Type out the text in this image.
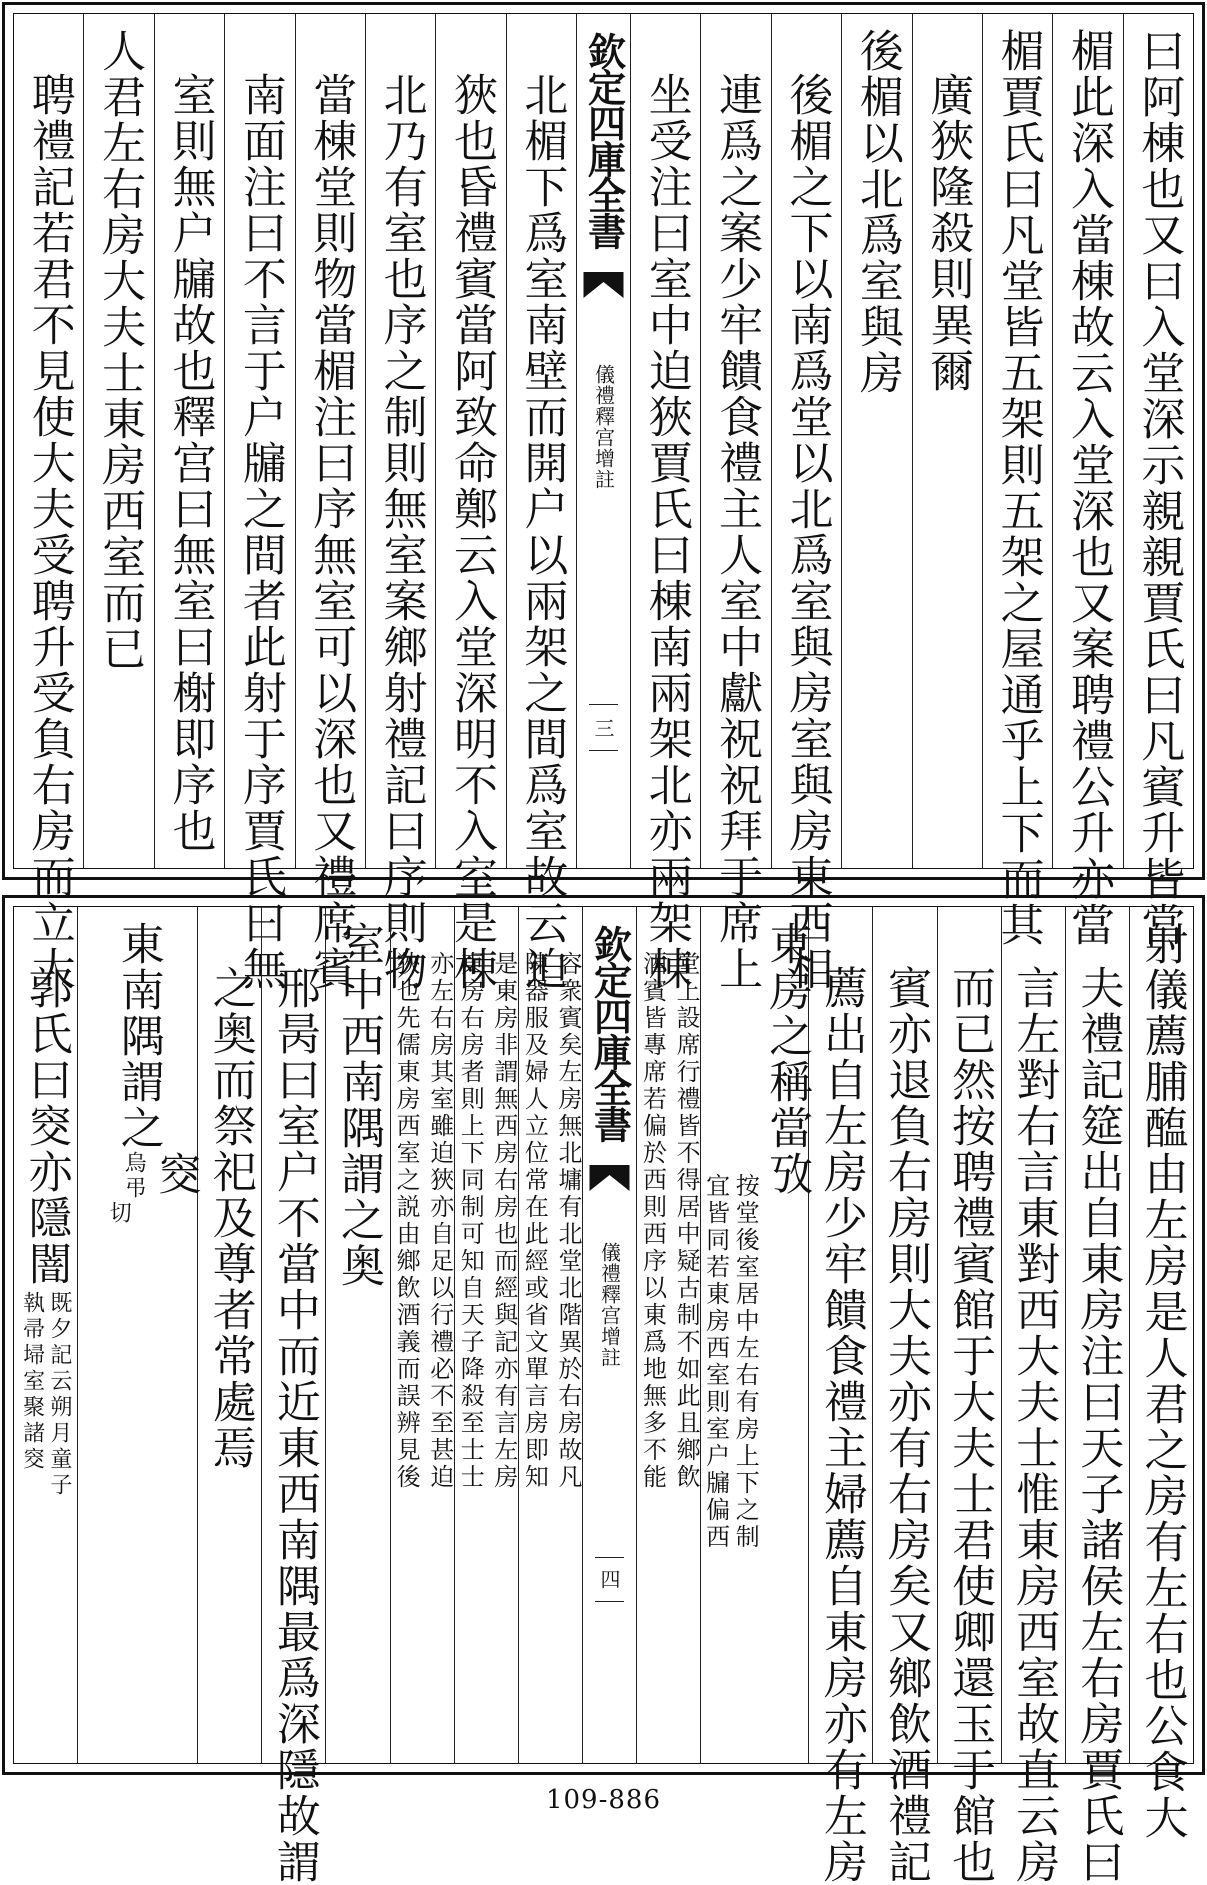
曰阿棟也又曰入堂深示親親賈氏曰凡賓升皆當
楣此深入當棟故云入堂深也又案聘禮公升亦當
楣賈氏曰凡堂皆五架則五架之屋通乎上下而其
廣狹隆殺則異爾
後楣以北爲室與房
後楣之下以南爲堂以北爲室與房室與房東西相
連爲之案少牢饋食禮主人室中獻祝祝拜于席上
坐受注曰室中迫狹賈氏曰棟南兩架北亦兩架棟
欽定四庫全書
儀禮釋宫增註
三
北楣下爲室南壁而開户以兩架之間爲室故云迫
狹也昏禮賓當阿致命鄭云入堂深明不入室是棟
北乃有室也序之制則無室案鄉射禮記曰序則物
當棟堂則物當楣注曰序無室可以深也又禮席賓
南面注曰不言于户牖之間者此射于序賈氏曰無
室則無户牖故也釋宫曰無室曰榭即序也
人君左右房大夫士東房西室而已
聘禮記若君不見使大夫受聘升受負右房而立大
射儀薦脯醢由左房是人君之房有左右也公食大
夫禮記筵出自東房注曰天子諸侯左右房賈氏曰
言左對右言東對西大夫士惟東房西室故直云房
而已然按聘禮賓館于大夫士君使卿還玉于館也
賓亦退負右房則大夫亦有右房矣又鄉飲酒禮記
薦出自左房少牢饋食禮主婦薦自東房亦有左房
東房之稱當攷
按堂後室居中左右有房上下之制
宜皆同若東房西室則室户牖偏西
堂上設席行禮皆不得居中疑古制不如此且鄉飲
酒賓皆專席若偏於西則西序以東爲地無多不能
欽定四庫全書
儀禮釋宫增註
四
容衆賓矣左房無北墉有北堂北階異於右房故凡
陳器服及婦人立位常在此經或省文單言房即知
是東房非謂無西房右房也而經與記亦有言左房
東房右房者則上下同制可知自天子降殺至士士
亦左右房其室雖迫狹亦自足以行禮必不至甚迫
狹也先儒東房西室之説由鄉飲酒義而誤辨見後
室中西南隅謂之奥
邢昺曰室户不當中而近東西南隅最爲深隱故謂
之奥而祭祀及尊者常處焉
東南隅謂之
窔
烏弔
切
郭氏曰窔亦隱闇
既夕記云朔月童子
執帚埽室聚諸窔
109-886
